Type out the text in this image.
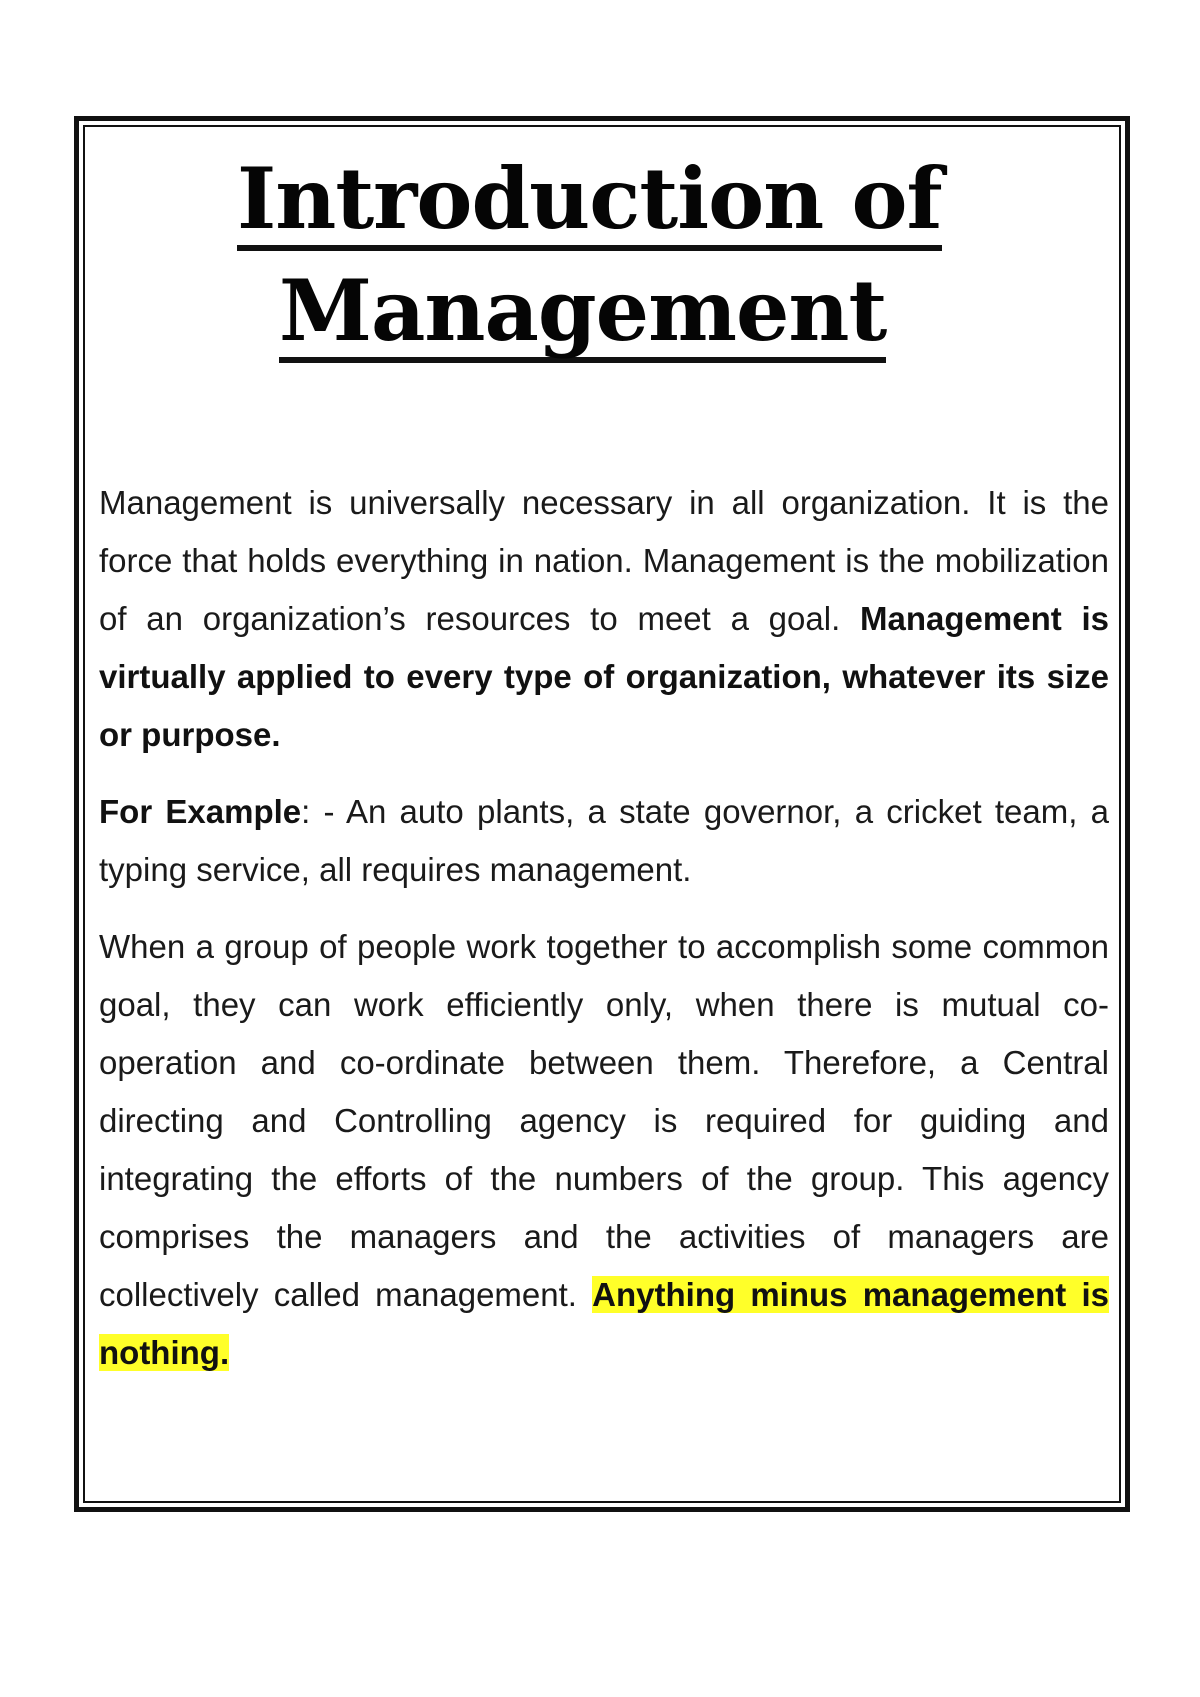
Introduction of
Management

Management is universally necessary in all organization. It is the force that holds everything in nation. Management is the mobilization of an organization’s resources to meet a goal. Management is virtually applied to every type of organization, whatever its size or purpose.

For Example: - An auto plants, a state governor, a cricket team, a typing service, all requires management.

When a group of people work together to accomplish some common goal, they can work efficiently only, when there is mutual co-operation and co-ordinate between them. Therefore, a Central directing and Controlling agency is required for guiding and integrating the efforts of the numbers of the group. This agency comprises the managers and the activities of managers are collectively called management. Anything minus management is nothing.
